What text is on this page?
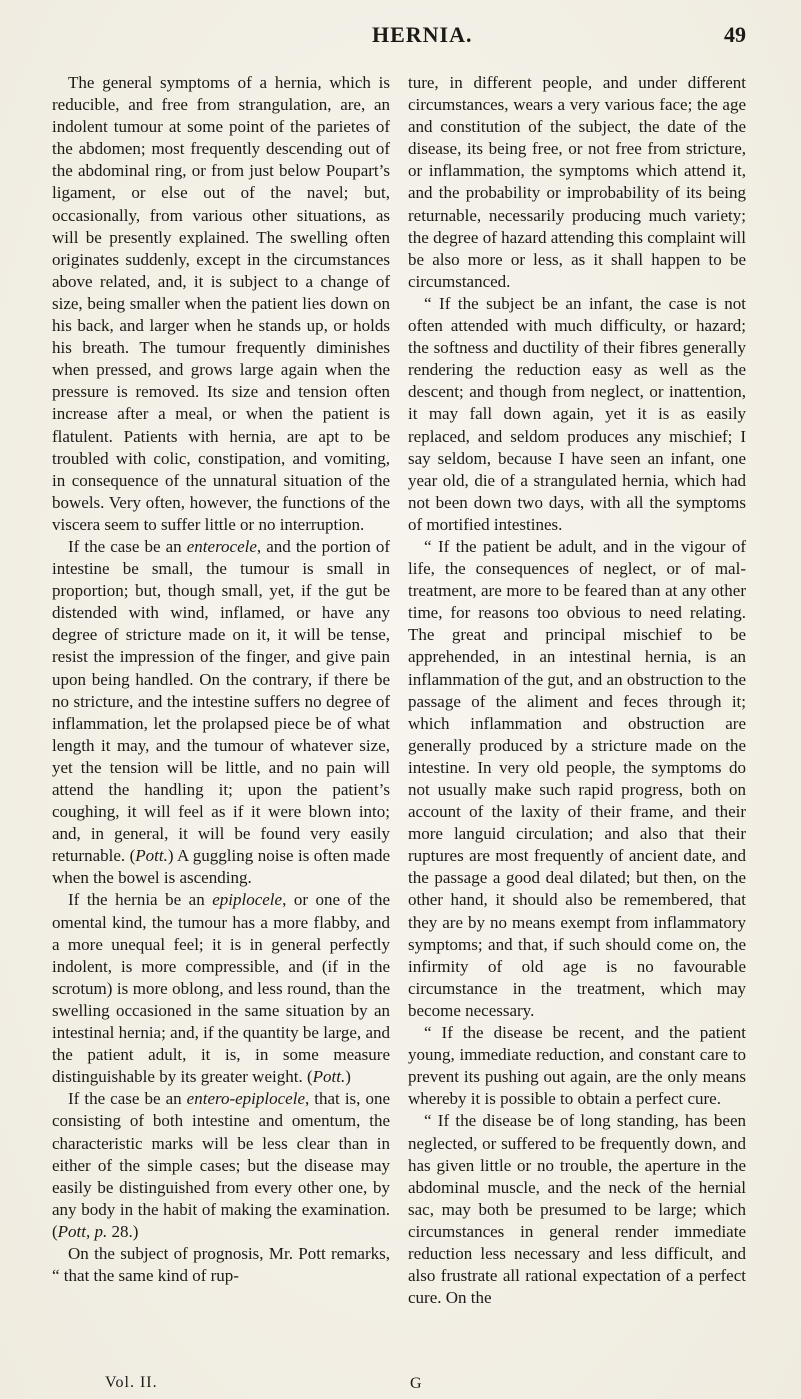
HERNIA.	49

The general symptoms of a hernia, which is reducible, and free from strangulation, are, an indolent tumour at some point of the parietes of the abdomen; most frequently descending out of the abdominal ring, or from just below Poupart’s ligament, or else out of the navel; but, occasionally, from various other situations, as will be presently explained. The swelling often originates suddenly, except in the circumstances above related, and, it is subject to a change of size, being smaller when the patient lies down on his back, and larger when he stands up, or holds his breath. The tumour frequently diminishes when pressed, and grows large again when the pressure is removed. Its size and tension often increase after a meal, or when the patient is flatulent. Patients with hernia, are apt to be troubled with colic, constipation, and vomiting, in consequence of the unnatural situation of the bowels. Very often, however, the functions of the viscera seem to suffer little or no interruption.

If the case be an enterocele, and the portion of intestine be small, the tumour is small in proportion; but, though small, yet, if the gut be distended with wind, inflamed, or have any degree of stricture made on it, it will be tense, resist the impression of the finger, and give pain upon being handled. On the contrary, if there be no stricture, and the intestine suffers no degree of inflammation, let the prolapsed piece be of what length it may, and the tumour of whatever size, yet the tension will be little, and no pain will attend the handling it; upon the patient’s coughing, it will feel as if it were blown into; and, in general, it will be found very easily returnable. (Pott.) A guggling noise is often made when the bowel is ascending.

If the hernia be an epiplocele, or one of the omental kind, the tumour has a more flabby, and a more unequal feel; it is in general perfectly indolent, is more compressible, and (if in the scrotum) is more oblong, and less round, than the swelling occasioned in the same situation by an intestinal hernia; and, if the quantity be large, and the patient adult, it is, in some measure distinguishable by its greater weight. (Pott.)

If the case be an entero-epiplocele, that is, one consisting of both intestine and omentum, the characteristic marks will be less clear than in either of the simple cases; but the disease may easily be distinguished from every other one, by any body in the habit of making the examination. (Pott, p. 28.)

On the subject of prognosis, Mr. Pott remarks, “ that the same kind of rup-

ture, in different people, and under different circumstances, wears a very various face; the age and constitution of the subject, the date of the disease, its being free, or not free from stricture, or inflammation, the symptoms which attend it, and the probability or improbability of its being returnable, necessarily producing much variety; the degree of hazard attending this complaint will be also more or less, as it shall happen to be circumstanced.

“ If the subject be an infant, the case is not often attended with much difficulty, or hazard; the softness and ductility of their fibres generally rendering the reduction easy as well as the descent; and though from neglect, or inattention, it may fall down again, yet it is as easily replaced, and seldom produces any mischief; I say seldom, because I have seen an infant, one year old, die of a strangulated hernia, which had not been down two days, with all the symptoms of mortified intestines.

“ If the patient be adult, and in the vigour of life, the consequences of neglect, or of mal-treatment, are more to be feared than at any other time, for reasons too obvious to need relating. The great and principal mischief to be apprehended, in an intestinal hernia, is an inflammation of the gut, and an obstruction to the passage of the aliment and feces through it; which inflammation and obstruction are generally produced by a stricture made on the intestine. In very old people, the symptoms do not usually make such rapid progress, both on account of the laxity of their frame, and their more languid circulation; and also that their ruptures are most frequently of ancient date, and the passage a good deal dilated; but then, on the other hand, it should also be remembered, that they are by no means exempt from inflammatory symptoms; and that, if such should come on, the infirmity of old age is no favourable circumstance in the treatment, which may become necessary.

“ If the disease be recent, and the patient young, immediate reduction, and constant care to prevent its pushing out again, are the only means whereby it is possible to obtain a perfect cure.

“ If the disease be of long standing, has been neglected, or suffered to be frequently down, and has given little or no trouble, the aperture in the abdominal muscle, and the neck of the hernial sac, may both be presumed to be large; which circumstances in general render immediate reduction less necessary and less difficult, and also frustrate all rational expectation of a perfect cure. On the

Vol. II.	G
